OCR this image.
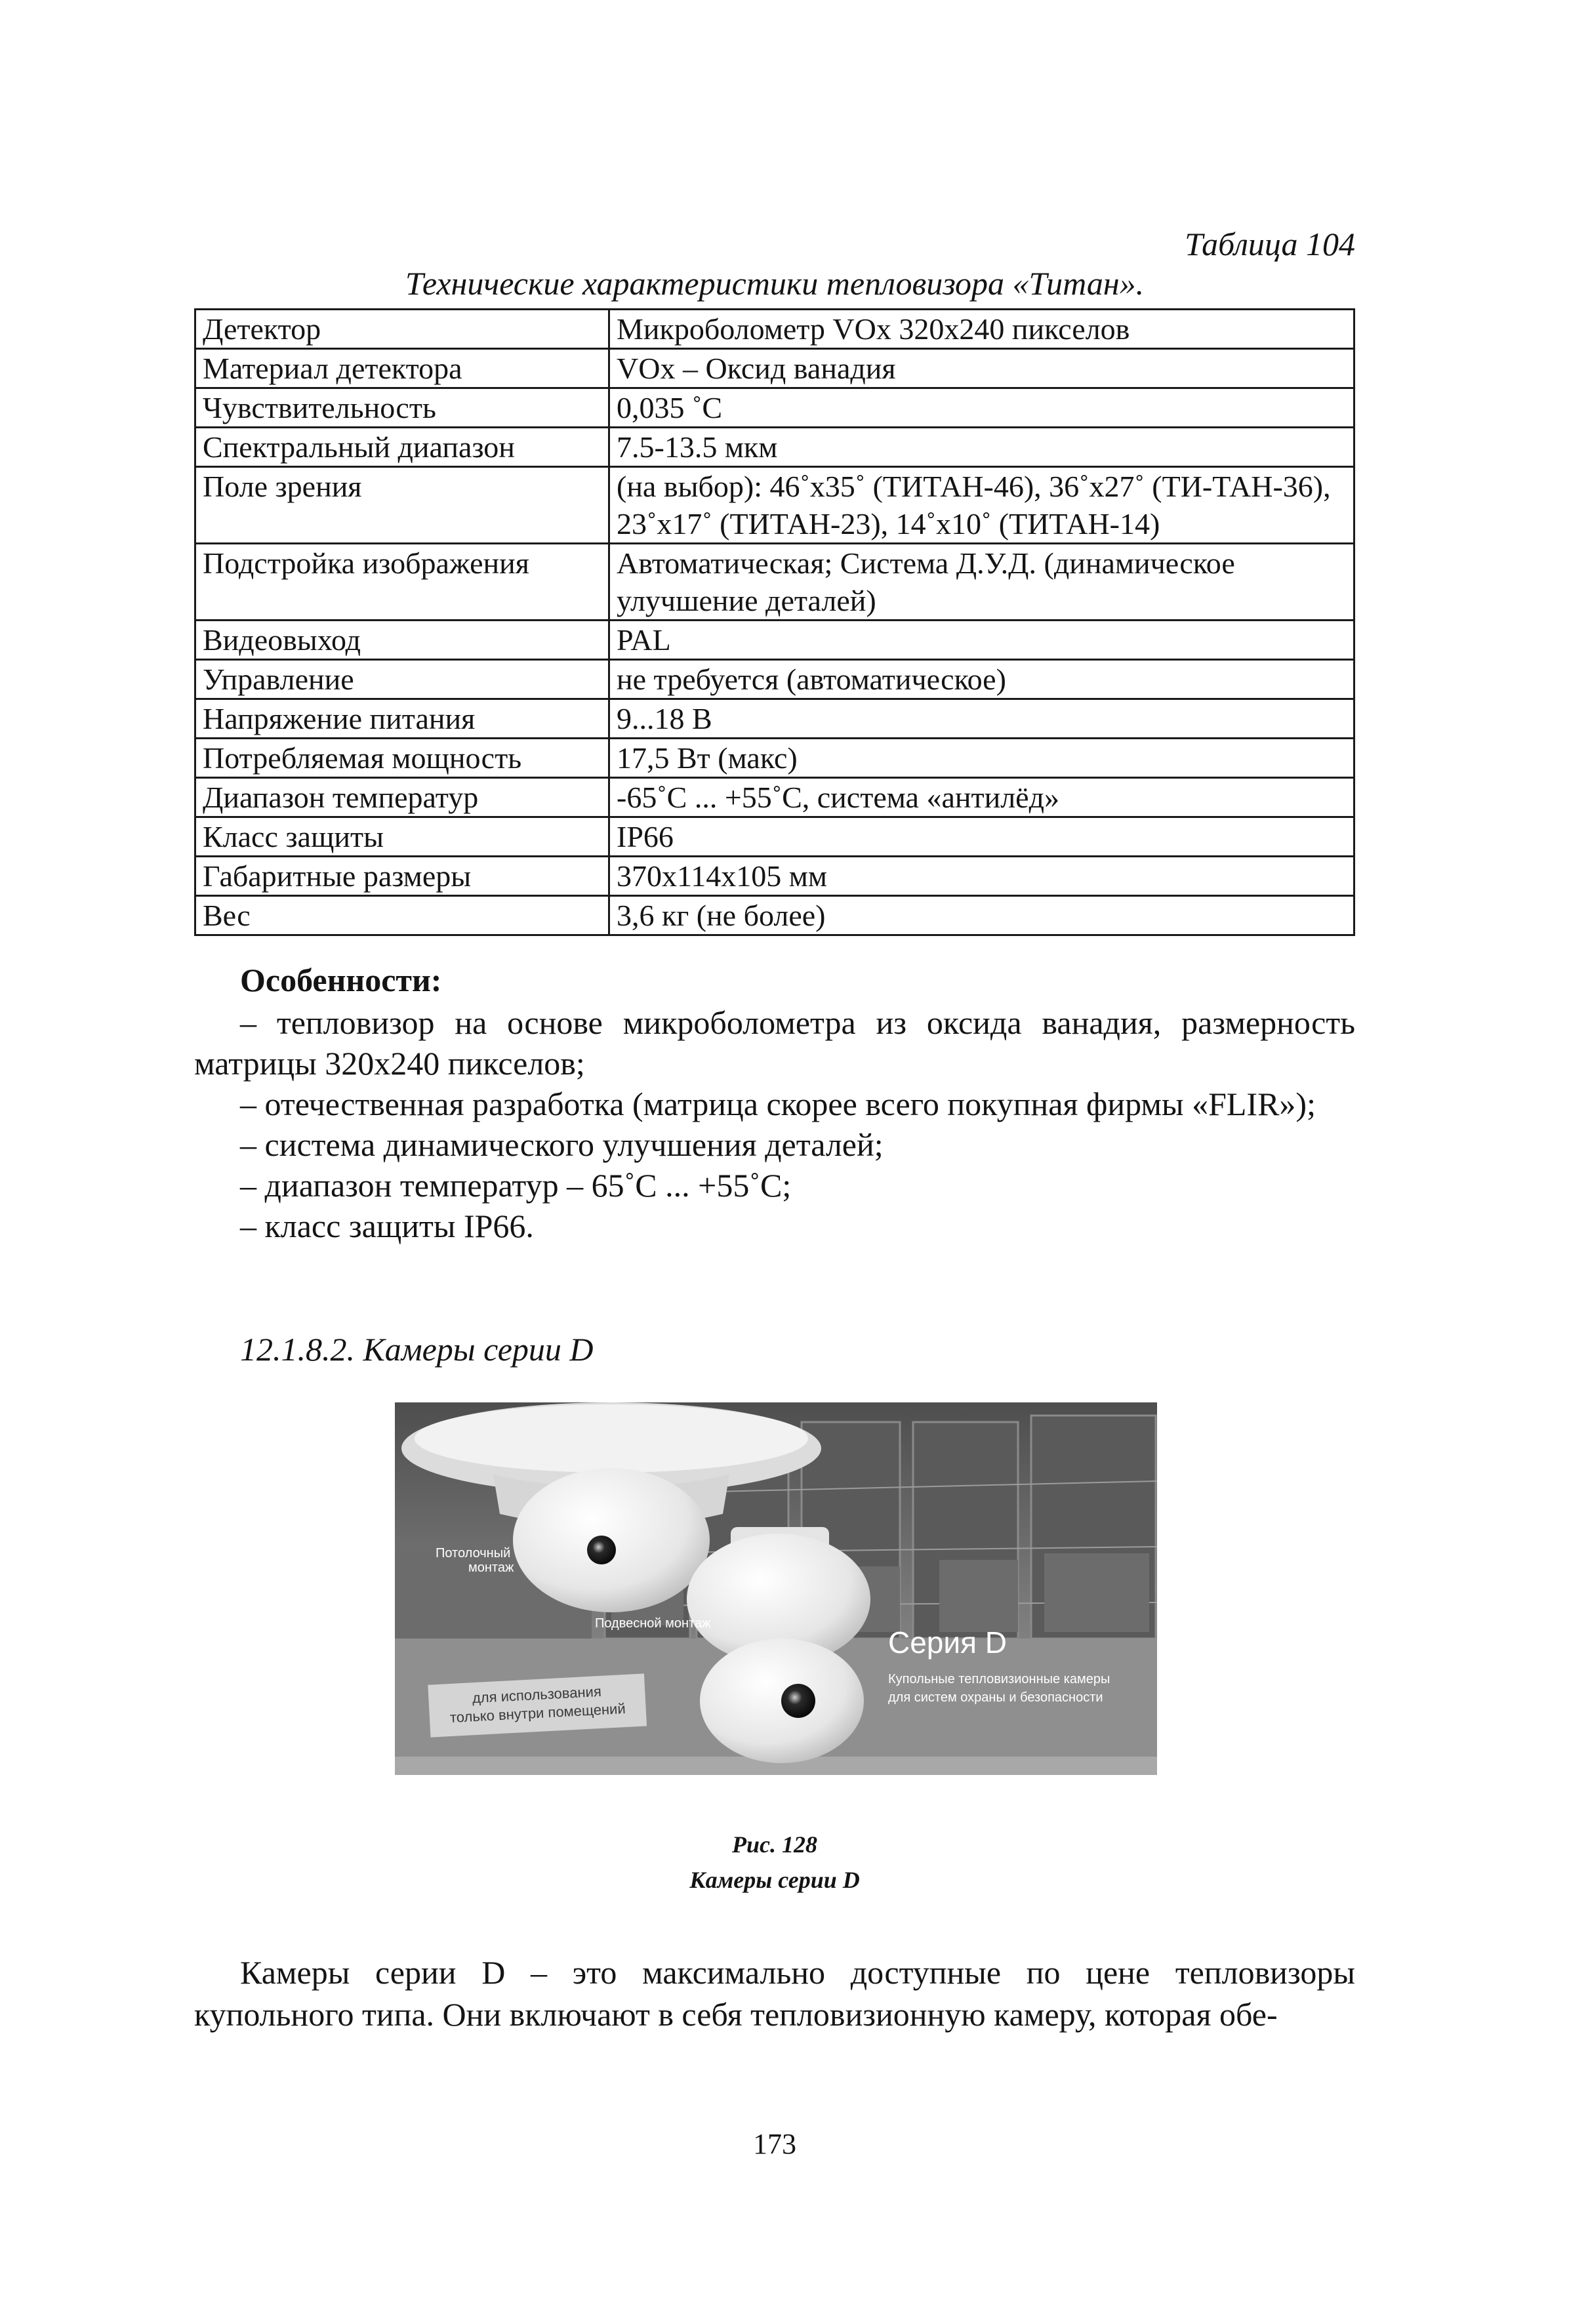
Таблица 104
Технические характеристики тепловизора «Титан».
Детектор	Микроболометр VOx 320x240 пикселов
Материал детектора	VOx – Оксид ванадия
Чувствительность	0,035 ˚С
Спектральный диапазон	7.5-13.5 мкм
Поле зрения	(на выбор): 46˚x35˚ (ТИТАН-46), 36˚x27˚ (ТИ-ТАН-36), 23˚x17˚ (ТИТАН-23), 14˚x10˚ (ТИТАН-14)
Подстройка изображения	Автоматическая; Система Д.У.Д. (динамическое улучшение деталей)
Видеовыход	PAL
Управление	не требуется (автоматическое)
Напряжение питания	9...18 В
Потребляемая мощность	17,5 Вт (макс)
Диапазон температур	-65˚С ... +55˚С, система «антилёд»
Класс защиты	IP66
Габаритные размеры	370x114x105 мм
Вес	3,6 кг (не более)
Особенности:

– тепловизор на основе микроболометра из оксида ванадия, размерность матрицы 320x240 пикселов;

– отечественная разработка (матрица скорее всего покупная фирмы «FLIR»);

– система динамического улучшения деталей;

– диапазон температур – 65˚С ... +55˚С;

– класс защиты IP66.

12.1.8.2. Камеры серии D
Потолочный
монтаж
Подвесной монтаж
для использования
только внутри помещений
Серия D
Купольные тепловизионные камеры
для систем охраны и безопасности
Рис. 128
Камеры серии D

Камеры серии D – это максимально доступные по цене тепловизоры купольного типа. Они включают в себя тепловизионную камеру, которая обе-

173
